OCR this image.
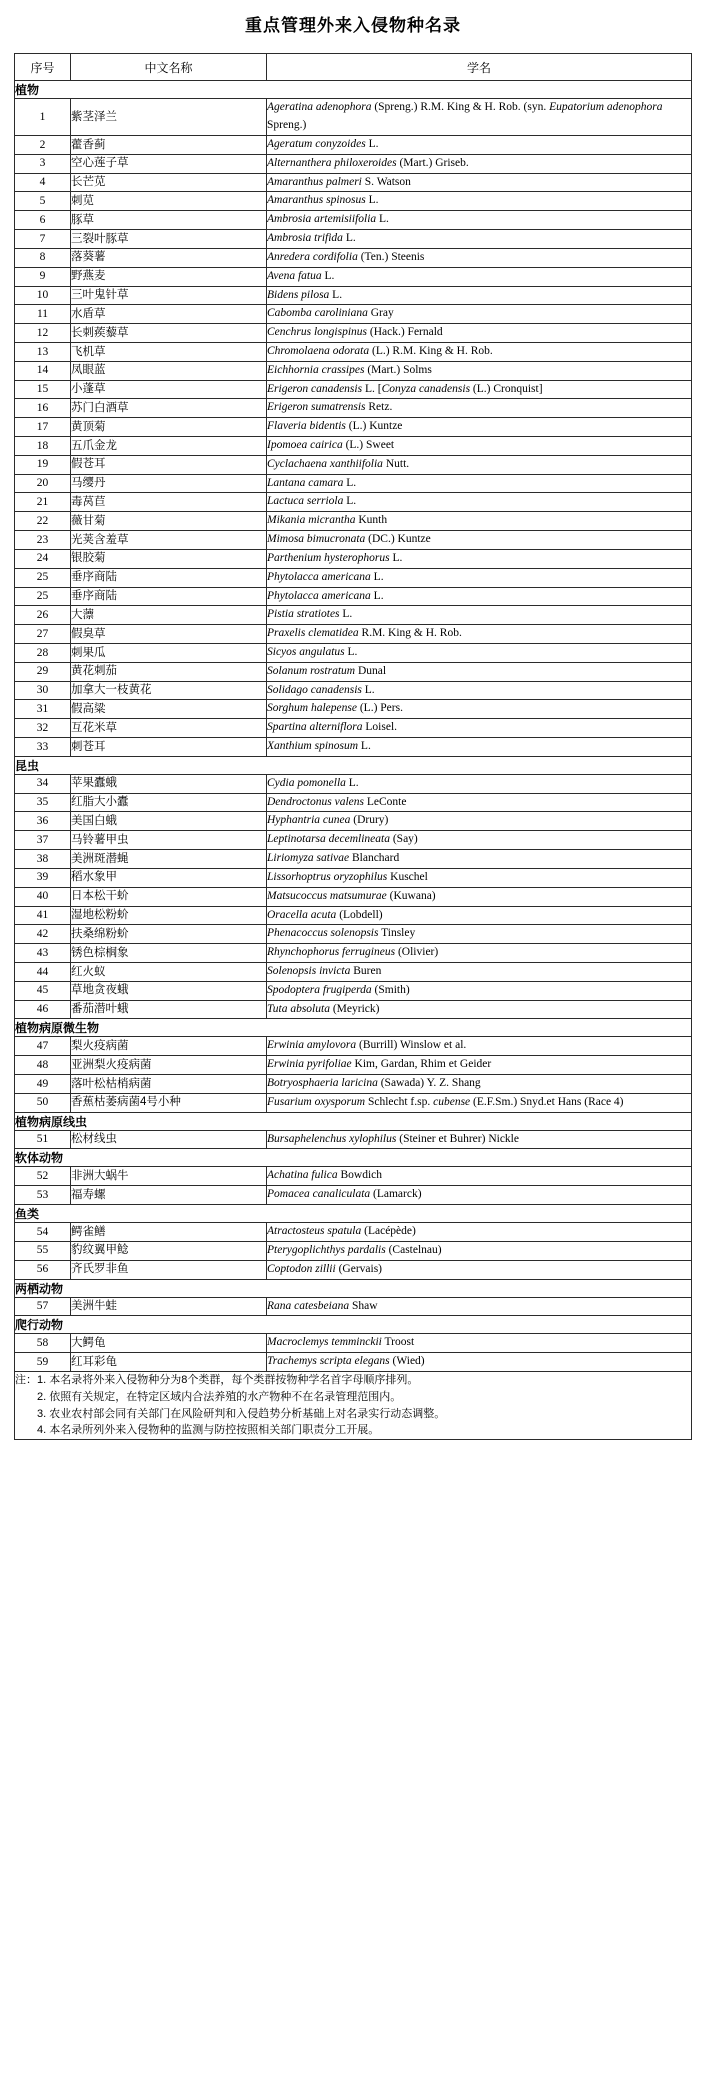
重点管理外来入侵物种名录
序号	中文名称	学名
植物		
1	紫茎泽兰	Ageratina adenophora (Spreng.) R.M. King & H. Rob. (syn. Eupatorium adenophora Spreng.)
2	藿香蓟	Ageratum conyzoides L.
3	空心莲子草	Alternanthera philoxeroides (Mart.) Griseb.
4	长芒苋	Amaranthus palmeri S. Watson
5	刺苋	Amaranthus spinosus L.
6	豚草	Ambrosia artemisiifolia L.
7	三裂叶豚草	Ambrosia trifida L.
8	落葵薯	Anredera cordifolia (Ten.) Steenis
9	野燕麦	Avena fatua L.
10	三叶鬼针草	Bidens pilosa L.
11	水盾草	Cabomba caroliniana Gray
12	长刺蒺藜草	Cenchrus longispinus (Hack.) Fernald
13	飞机草	Chromolaena odorata (L.) R.M. King & H. Rob.
14	凤眼蓝	Eichhornia crassipes (Mart.) Solms
15	小蓬草	Erigeron canadensis L. [Conyza canadensis (L.) Cronquist]
16	苏门白酒草	Erigeron sumatrensis Retz.
17	黄顶菊	Flaveria bidentis (L.) Kuntze
18	五爪金龙	Ipomoea cairica (L.) Sweet
19	假苍耳	Cyclachaena xanthiifolia Nutt.
20	马缨丹	Lantana camara L.
21	毒莴苣	Lactuca serriola L.
22	薇甘菊	Mikania micrantha Kunth
23	光荚含羞草	Mimosa bimucronata (DC.) Kuntze
24	银胶菊	Parthenium hysterophorus L.
25	垂序商陆	Phytolacca americana L.
25	垂序商陆	Phytolacca americana L.
26	大薸	Pistia stratiotes L.
27	假臭草	Praxelis clematidea R.M. King & H. Rob.
28	刺果瓜	Sicyos angulatus L.
29	黄花刺茄	Solanum rostratum Dunal
30	加拿大一枝黄花	Solidago canadensis L.
31	假高粱	Sorghum halepense (L.) Pers.
32	互花米草	Spartina alterniflora Loisel.
33	刺苍耳	Xanthium spinosum L.
昆虫		
34	苹果蠹蛾	Cydia pomonella L.
35	红脂大小蠹	Dendroctonus valens LeConte
36	美国白蛾	Hyphantria cunea (Drury)
37	马铃薯甲虫	Leptinotarsa decemlineata (Say)
38	美洲斑潜蝇	Liriomyza sativae Blanchard
39	稻水象甲	Lissorhoptrus oryzophilus Kuschel
40	日本松干蚧	Matsucoccus matsumurae (Kuwana)
41	湿地松粉蚧	Oracella acuta (Lobdell)
42	扶桑绵粉蚧	Phenacoccus solenopsis Tinsley
43	锈色棕榈象	Rhynchophorus ferrugineus (Olivier)
44	红火蚁	Solenopsis invicta Buren
45	草地贪夜蛾	Spodoptera frugiperda (Smith)
46	番茄潜叶蛾	Tuta absoluta (Meyrick)
植物病原微生物		
47	梨火疫病菌	Erwinia amylovora (Burrill) Winslow et al.
48	亚洲梨火疫病菌	Erwinia pyrifoliae Kim, Gardan, Rhim et Geider
49	落叶松枯梢病菌	Botryosphaeria laricina (Sawada) Y. Z. Shang
50	香蕉枯萎病菌4号小种	Fusarium oxysporum Schlecht f.sp. cubense (E.F.Sm.) Snyd.et Hans (Race 4)
植物病原线虫		
51	松材线虫	Bursaphelenchus xylophilus (Steiner et Buhrer) Nickle
软体动物		
52	非洲大蜗牛	Achatina fulica Bowdich
53	福寿螺	Pomacea canaliculata (Lamarck)
鱼类		
54	鳄雀鳝	Atractosteus spatula (Lacépède)
55	豹纹翼甲鲶	Pterygoplichthys pardalis (Castelnau)
56	齐氏罗非鱼	Coptodon zillii (Gervais)
两栖动物		
57	美洲牛蛙	Rana catesbeiana Shaw
爬行动物		
58	大鳄龟	Macroclemys temminckii Troost
59	红耳彩龟	Trachemys scripta elegans (Wied)

注：1. 本名录将外来入侵物种分为8个类群，每个类群按物种学名首字母顺序排列。
2. 依照有关规定，在特定区域内合法养殖的水产物种不在名录管理范围内。
3. 农业农村部会同有关部门在风险研判和入侵趋势分析基础上对名录实行动态调整。
4. 本名录所列外来入侵物种的监测与防控按照相关部门职责分工开展。		
